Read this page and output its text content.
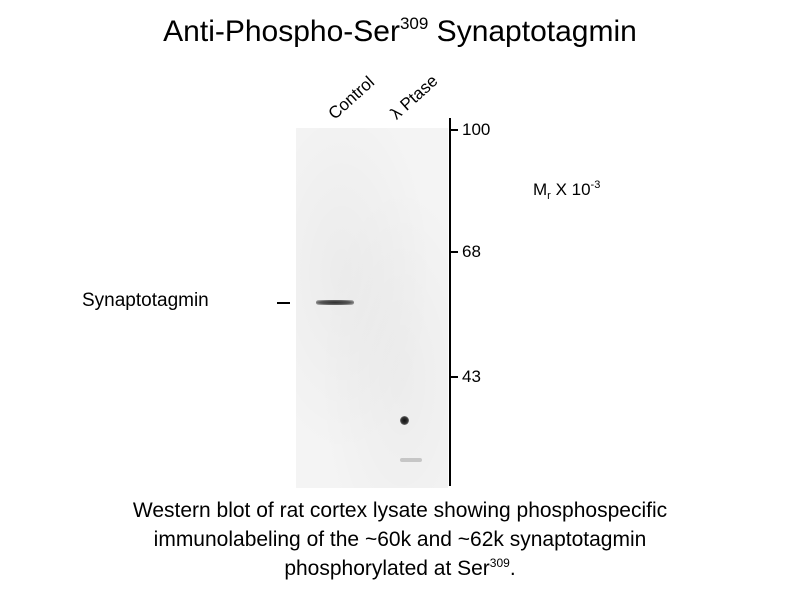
Anti-Phospho-Ser$^{309}$ Synaptotagmin
Control λ Ptase
100
68
43
$M_r$ X $10^{-3}$
Synaptotagmin
Western blot of rat cortex lysate showing phosphospecific
immunolabeling of the ~60k and ~62k synaptotagmin
phosphorylated at Ser$^{309}$.
